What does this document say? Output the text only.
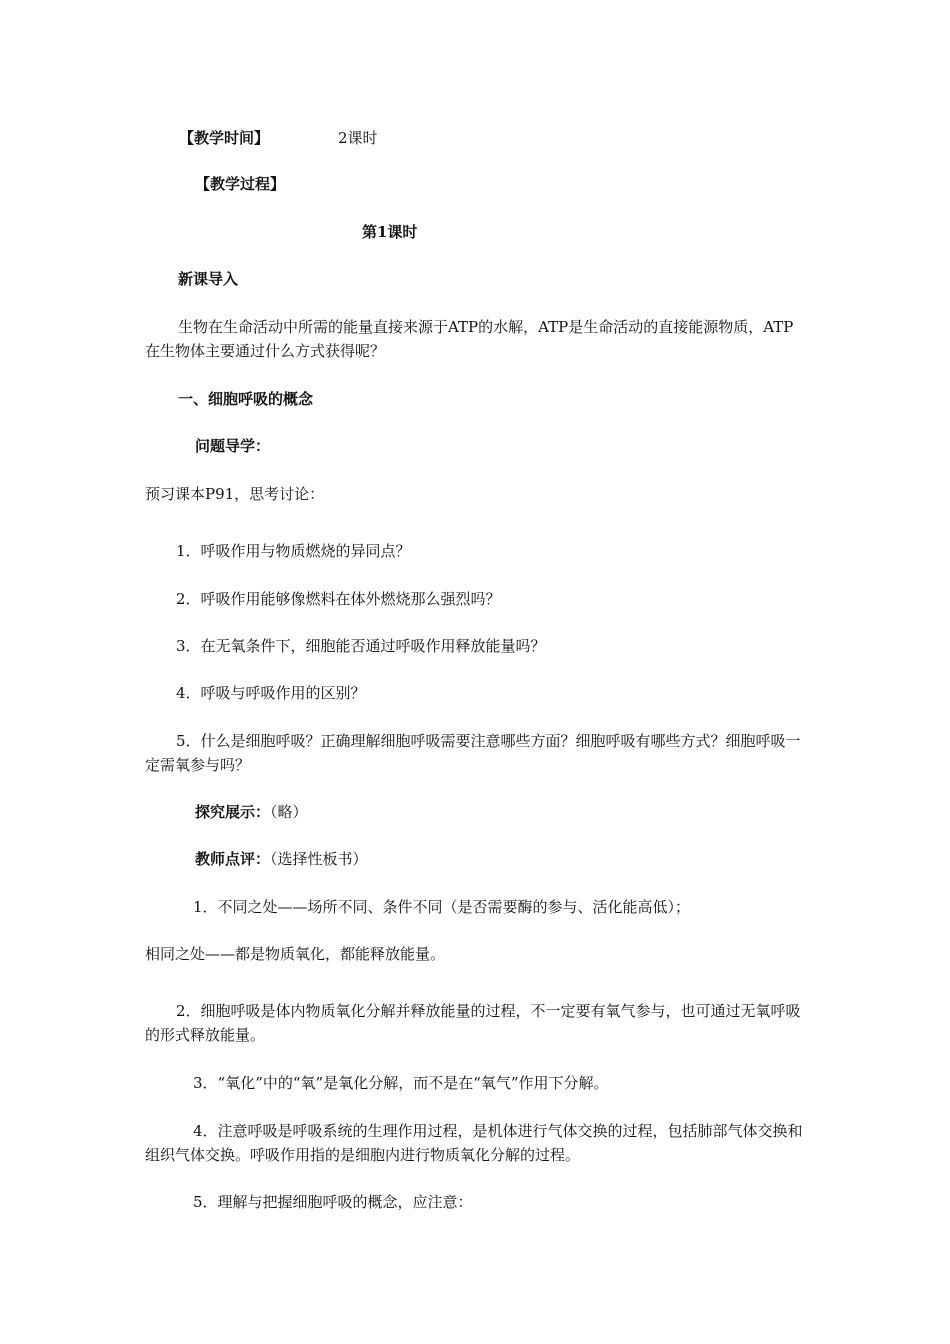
【教学时间】	2课时
【教学过程】
第1课时
新课导入
生物在生命活动中所需的能量直接来源于ATP的水解，ATP是生命活动的直接能源物质，ATP在生物体主要通过什么方式获得呢？
一、细胞呼吸的概念
问题导学：
预习课本P91，思考讨论：
1．呼吸作用与物质燃烧的异同点？
2．呼吸作用能够像燃料在体外燃烧那么强烈吗？
3．在无氧条件下，细胞能否通过呼吸作用释放能量吗？
4．呼吸与呼吸作用的区别？
5．什么是细胞呼吸？正确理解细胞呼吸需要注意哪些方面？细胞呼吸有哪些方式？细胞呼吸一定需氧参与吗？
探究展示：（略）
教师点评：（选择性板书）
1．不同之处——场所不同、条件不同（是否需要酶的参与、活化能高低）；
相同之处——都是物质氧化，都能释放能量。
2．细胞呼吸是体内物质氧化分解并释放能量的过程，不一定要有氧气参与，也可通过无氧呼吸的形式释放能量。
3．“氧化”中的“氧”是氧化分解，而不是在“氧气”作用下分解。
4．注意呼吸是呼吸系统的生理作用过程，是机体进行气体交换的过程，包括肺部气体交换和组织气体交换。呼吸作用指的是细胞内进行物质氧化分解的过程。
5．理解与把握细胞呼吸的概念，应注意：
